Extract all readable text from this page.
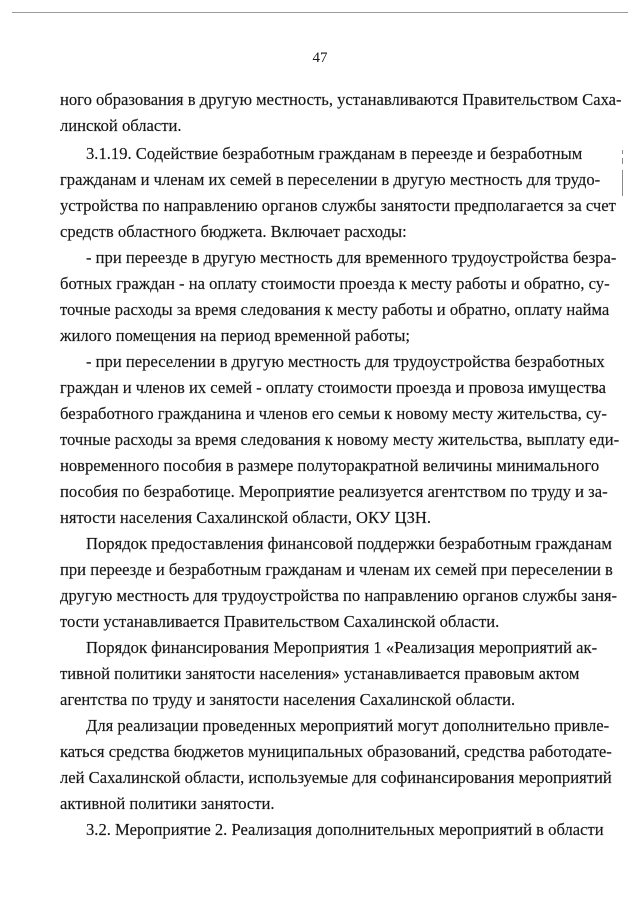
47
ного образования в другую местность, устанавливаются Правительством Саха-
линской области.
3.1.19. Содействие безработным гражданам в переезде и безработным
гражданам и членам их семей в переселении в другую местность для трудо-
устройства по направлению органов службы занятости предполагается за счет
средств областного бюджета. Включает расходы:
- при переезде в другую местность для временного трудоустройства безра-
ботных граждан - на оплату стоимости проезда к месту работы и обратно, су-
точные расходы за время следования к месту работы и обратно, оплату найма
жилого помещения на период временной работы;
- при переселении в другую местность для трудоустройства безработных
граждан и членов их семей - оплату стоимости проезда и провоза имущества
безработного гражданина и членов его семьи к новому месту жительства, су-
точные расходы за время следования к новому месту жительства, выплату еди-
новременного пособия в размере полуторакратной величины минимального
пособия по безработице. Мероприятие реализуется агентством по труду и за-
нятости населения Сахалинской области, ОКУ ЦЗН.
Порядок предоставления финансовой поддержки безработным гражданам
при переезде и безработным гражданам и членам их семей при переселении в
другую местность для трудоустройства по направлению органов службы заня-
тости устанавливается Правительством Сахалинской области.
Порядок финансирования Мероприятия 1 «Реализация мероприятий ак-
тивной политики занятости населения» устанавливается правовым актом
агентства по труду и занятости населения Сахалинской области.
Для реализации проведенных мероприятий могут дополнительно привле-
каться средства бюджетов муниципальных образований, средства работодате-
лей Сахалинской области, используемые для софинансирования мероприятий
активной политики занятости.
3.2. Мероприятие 2. Реализация дополнительных мероприятий в области
